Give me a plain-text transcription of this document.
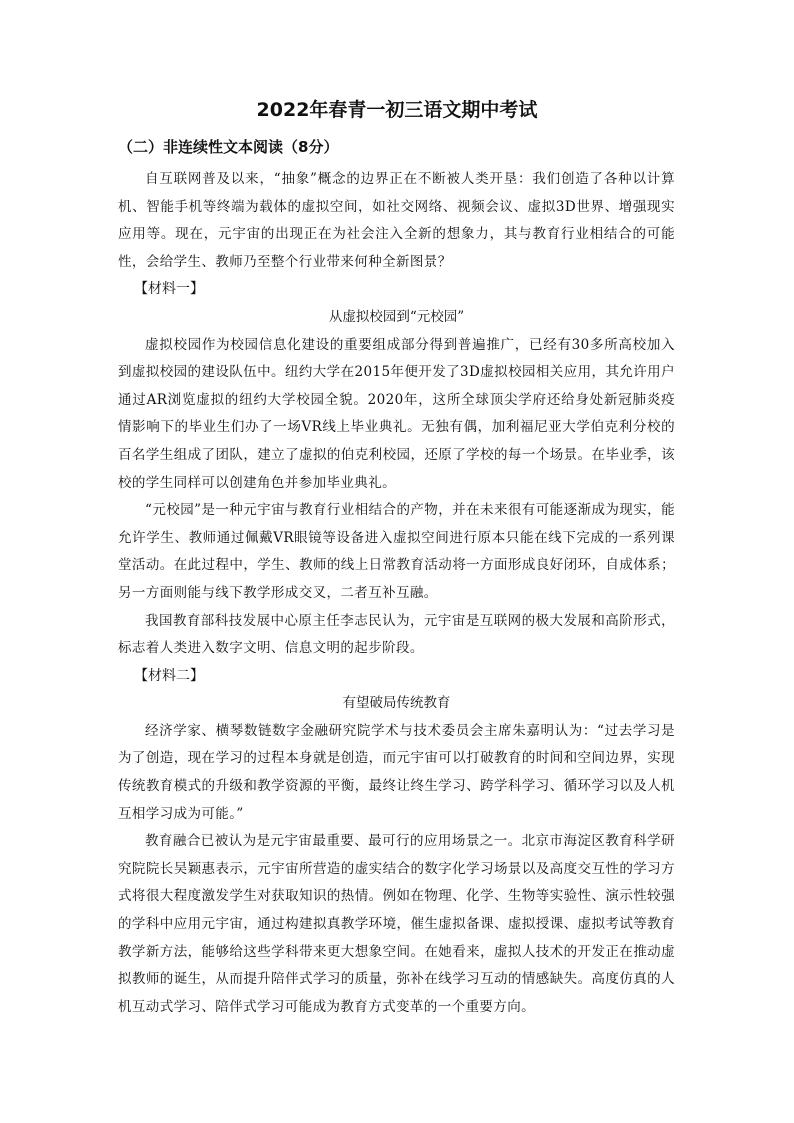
2022年春青一初三语文期中考试
（二）非连续性文本阅读（8分）

自互联网普及以来，“抽象”概念的边界正在不断被人类开垦：我们创造了各种以计算机、智能手机等终端为载体的虚拟空间，如社交网络、视频会议、虚拟3D世界、增强现实应用等。现在，元宇宙的出现正在为社会注入全新的想象力，其与教育行业相结合的可能性，会给学生、教师乃至整个行业带来何种全新图景？

【材料一】

从虚拟校园到“元校园”

虚拟校园作为校园信息化建设的重要组成部分得到普遍推广，已经有30多所高校加入到虚拟校园的建设队伍中。纽约大学在2015年便开发了3D虚拟校园相关应用，其允许用户通过AR浏览虚拟的纽约大学校园全貌。2020年，这所全球顶尖学府还给身处新冠肺炎疫情影响下的毕业生们办了一场VR线上毕业典礼。无独有偶，加利福尼亚大学伯克利分校的百名学生组成了团队，建立了虚拟的伯克利校园，还原了学校的每一个场景。在毕业季，该校的学生同样可以创建角色并参加毕业典礼。

“元校园”是一种元宇宙与教育行业相结合的产物，并在未来很有可能逐渐成为现实，能允许学生、教师通过佩戴VR眼镜等设备进入虚拟空间进行原本只能在线下完成的一系列课堂活动。在此过程中，学生、教师的线上日常教育活动将一方面形成良好闭环，自成体系；另一方面则能与线下教学形成交叉，二者互补互融。

我国教育部科技发展中心原主任李志民认为，元宇宙是互联网的极大发展和高阶形式，标志着人类进入数字文明、信息文明的起步阶段。

【材料二】

有望破局传统教育

经济学家、横琴数链数字金融研究院学术与技术委员会主席朱嘉明认为：“过去学习是为了创造，现在学习的过程本身就是创造，而元宇宙可以打破教育的时间和空间边界，实现传统教育模式的升级和教学资源的平衡，最终让终生学习、跨学科学习、循环学习以及人机互相学习成为可能。”

教育融合已被认为是元宇宙最重要、最可行的应用场景之一。北京市海淀区教育科学研究院院长吴颖惠表示，元宇宙所营造的虚实结合的数字化学习场景以及高度交互性的学习方式将很大程度激发学生对获取知识的热情。例如在物理、化学、生物等实验性、演示性较强的学科中应用元宇宙，通过构建拟真教学环境，催生虚拟备课、虚拟授课、虚拟考试等教育教学新方法，能够给这些学科带来更大想象空间。在她看来，虚拟人技术的开发正在推动虚拟教师的诞生，从而提升陪伴式学习的质量，弥补在线学习互动的情感缺失。高度仿真的人机互动式学习、陪伴式学习可能成为教育方式变革的一个重要方向。
